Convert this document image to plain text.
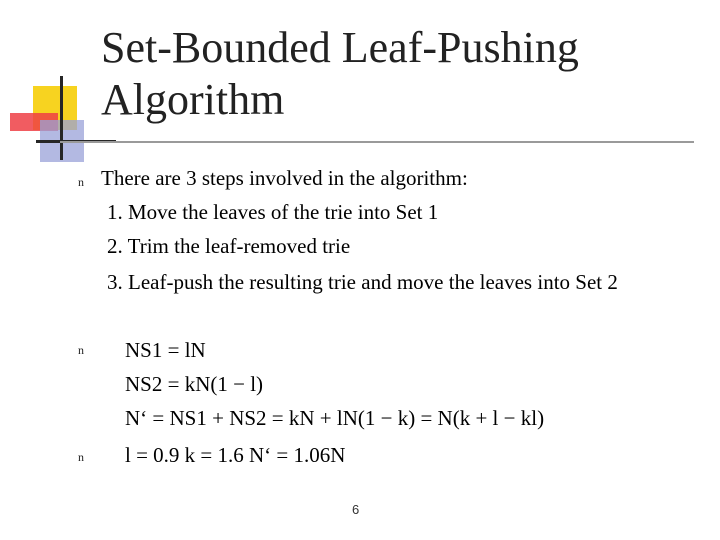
Set-Bounded Leaf-Pushing
Algorithm
n
n
n
There are 3 steps involved in the algorithm:
1. Move the leaves of the trie into Set 1
2. Trim the leaf-removed trie
3. Leaf-push the resulting trie and move the leaves into Set 2
NS1 = lN
NS2 = kN(1 − l)
N‘ = NS1 + NS2 = kN + lN(1 − k) = N(k + l − kl)
l = 0.9 k = 1.6 N‘ = 1.06N
6
